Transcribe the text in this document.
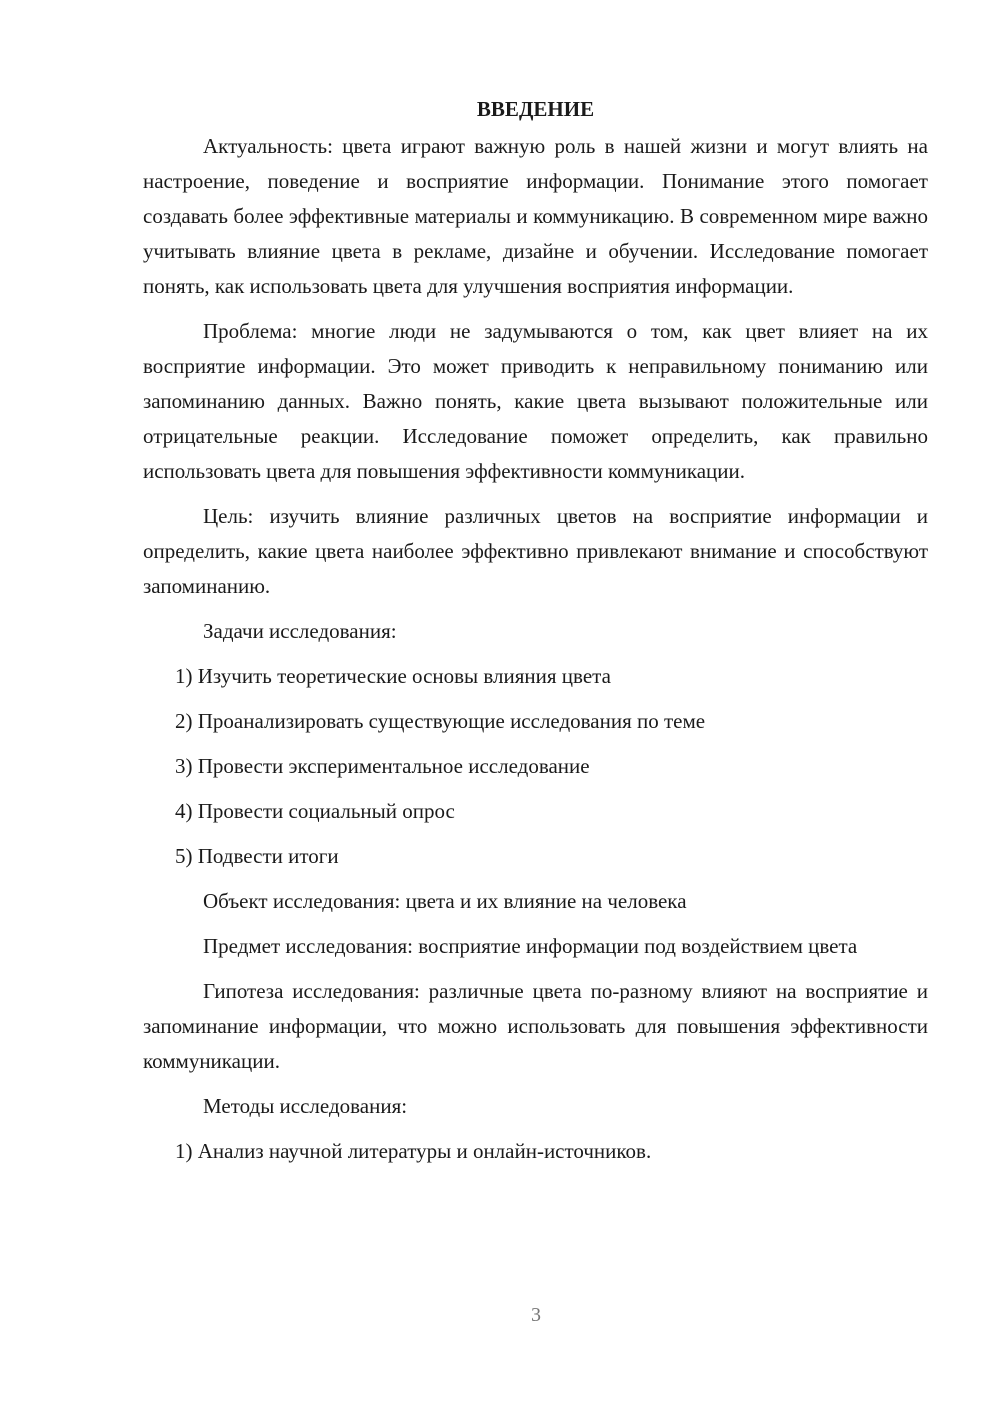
ВВЕДЕНИЕ
Актуальность: цвета играют важную роль в нашей жизни и могут влиять на настроение, поведение и восприятие информации. Понимание этого помогает создавать более эффективные материалы и коммуникацию. В современном мире важно учитывать влияние цвета в рекламе, дизайне и обучении. Исследование помогает понять, как использовать цвета для улучшения восприятия информации.
Проблема: многие люди не задумываются о том, как цвет влияет на их восприятие информации. Это может приводить к неправильному пониманию или запоминанию данных. Важно понять, какие цвета вызывают положительные или отрицательные реакции. Исследование поможет определить, как правильно использовать цвета для повышения эффективности коммуникации.
Цель: изучить влияние различных цветов на восприятие информации и определить, какие цвета наиболее эффективно привлекают внимание и способствуют запоминанию.
Задачи исследования:
1) Изучить теоретические основы влияния цвета
2) Проанализировать существующие исследования по теме
3) Провести экспериментальное исследование
4) Провести социальный опрос
5) Подвести итоги
Объект исследования: цвета и их влияние на человека
Предмет исследования: восприятие информации под воздействием цвета
Гипотеза исследования: различные цвета по-разному влияют на восприятие и запоминание информации, что можно использовать для повышения эффективности коммуникации.
Методы исследования:
1) Анализ научной литературы и онлайн-источников.
3
